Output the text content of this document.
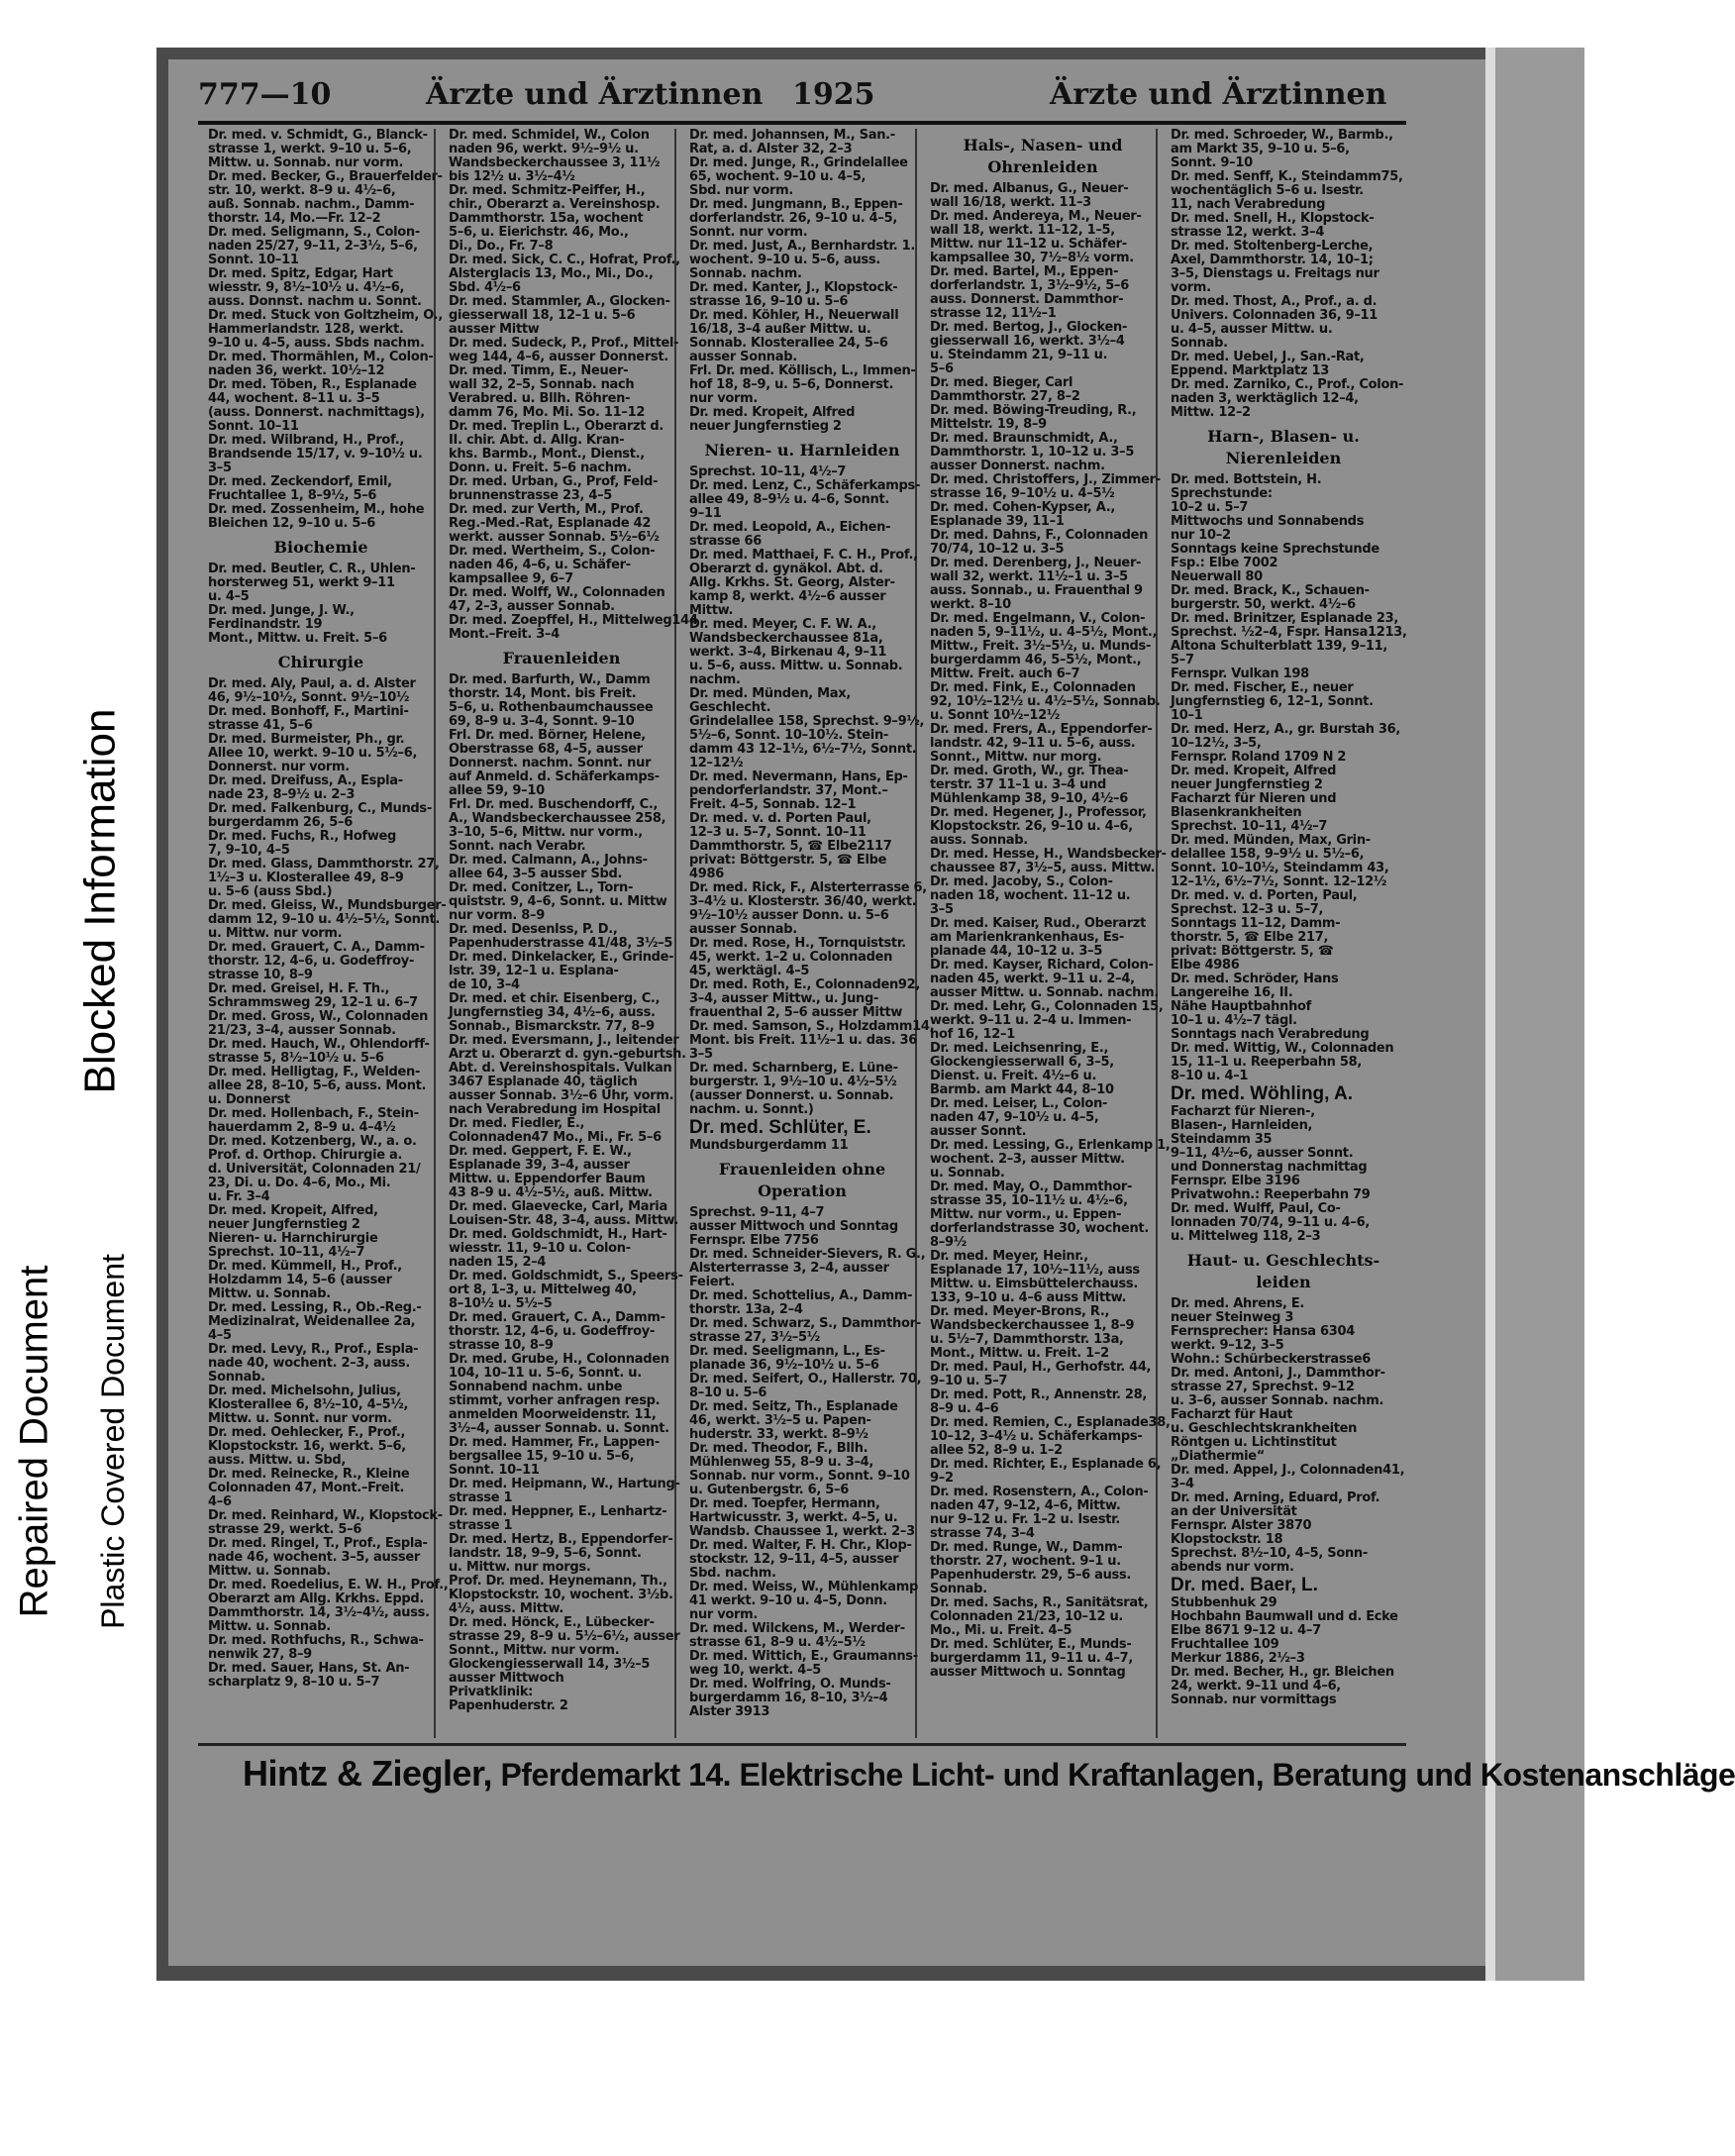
777—10	Ärzte und Ärztinnen 1925	Ärzte und Ärztinnen
Dr. med. v. Schmidt, G., Blanck-
strasse 1, werkt. 9–10 u. 5–6,
Mittw. u. Sonnab. nur vorm.
Dr. med. Becker, G., Brauerfelder-
str. 10, werkt. 8–9 u. 4½–6,
auß. Sonnab. nachm., Damm-
thorstr. 14, Mo.—Fr. 12–2
Dr. med. Seligmann, S., Colon-
naden 25/27, 9–11, 2–3½, 5–6,
Sonnt. 10–11
Dr. med. Spitz, Edgar, Hart
wiesstr. 9, 8½–10½ u. 4½–6,
auss. Donnst. nachm u. Sonnt.
Dr. med. Stuck von Goltzheim, O.,
Hammerlandstr. 128, werkt.
9–10 u. 4–5, auss. Sbds nachm.
Dr. med. Thormählen, M., Colon-
naden 36, werkt. 10½–12
Dr. med. Töben, R., Esplanade
44, wochent. 8–11 u. 3–5
(auss. Donnerst. nachmittags),
Sonnt. 10–11
Dr. med. Wilbrand, H., Prof.,
Brandsende 15/17, v. 9–10½ u.
3–5
Dr. med. Zeckendorf, Emil,
Fruchtallee 1, 8–9½, 5–6
Dr. med. Zossenheim, M., hohe
Bleichen 12, 9–10 u. 5–6
Biochemie
Dr. med. Beutler, C. R., Uhlen-
horsterweg 51, werkt 9–11
u. 4–5
Dr. med. Junge, J. W.,
Ferdinandstr. 19
Mont., Mittw. u. Freit. 5–6
Chirurgie
Dr. med. Aly, Paul, a. d. Alster
46, 9½–10½, Sonnt. 9½–10½
Dr. med. Bonhoff, F., Martini-
strasse 41, 5–6
Dr. med. Burmeister, Ph., gr.
Allee 10, werkt. 9–10 u. 5½–6,
Donnerst. nur vorm.
Dr. med. Dreifuss, A., Espla-
nade 23, 8–9½ u. 2–3
Dr. med. Falkenburg, C., Munds-
burgerdamm 26, 5–6
Dr. med. Fuchs, R., Hofweg
7, 9–10, 4–5
Dr. med. Glass, Dammthorstr. 27,
1½–3 u. Klosterallee 49, 8–9
u. 5–6 (auss Sbd.)
Dr. med. Gleiss, W., Mundsburger-
damm 12, 9–10 u. 4½–5½, Sonnt.
u. Mittw. nur vorm.
Dr. med. Grauert, C. A., Damm-
thorstr. 12, 4–6, u. Godeffroy-
strasse 10, 8–9
Dr. med. Greisel, H. F. Th.,
Schrammsweg 29, 12–1 u. 6–7
Dr. med. Gross, W., Colonnaden
21/23, 3–4, ausser Sonnab.
Dr. med. Hauch, W., Ohlendorff-
strasse 5, 8½–10½ u. 5–6
Dr. med. Helligtag, F., Welden-
allee 28, 8–10, 5–6, auss. Mont.
u. Donnerst
Dr. med. Hollenbach, F., Stein-
hauerdamm 2, 8–9 u. 4–4½
Dr. med. Kotzenberg, W., a. o.
Prof. d. Orthop. Chirurgie a.
d. Universität, Colonnaden 21/
23, Di. u. Do. 4–6, Mo., Mi.
u. Fr. 3–4
Dr. med. Kropeit, Alfred,
neuer Jungfernstieg 2
Nieren- u. Harnchirurgie
Sprechst. 10–11, 4½–7
Dr. med. Kümmell, H., Prof.,
Holzdamm 14, 5–6 (ausser
Mittw. u. Sonnab.
Dr. med. Lessing, R., Ob.-Reg.-
Medizinalrat, Weidenallee 2a,
4–5
Dr. med. Levy, R., Prof., Espla-
nade 40, wochent. 2–3, auss.
Sonnab.
Dr. med. Michelsohn, Julius,
Klosterallee 6, 8½–10, 4–5½,
Mittw. u. Sonnt. nur vorm.
Dr. med. Oehlecker, F., Prof.,
Klopstockstr. 16, werkt. 5–6,
auss. Mittw. u. Sbd,
Dr. med. Reinecke, R., Kleine
Colonnaden 47, Mont.–Freit.
4–6
Dr. med. Reinhard, W., Klopstock-
strasse 29, werkt. 5–6
Dr. med. Ringel, T., Prof., Espla-
nade 46, wochent. 3–5, ausser
Mittw. u. Sonnab.
Dr. med. Roedelius, E. W. H., Prof.,
Oberarzt am Allg. Krkhs. Eppd.
Dammthorstr. 14, 3½–4½, auss.
Mittw. u. Sonnab.
Dr. med. Rothfuchs, R., Schwa-
nenwik 27, 8–9
Dr. med. Sauer, Hans, St. An-
scharplatz 9, 8–10 u. 5–7
Dr. med. Schmidel, W., Colon
naden 96, werkt. 9½–9½ u.
Wandsbeckerchaussee 3, 11½
bis 12½ u. 3½–4½
Dr. med. Schmitz-Peiffer, H.,
chir., Oberarzt a. Vereinshosp.
Dammthorstr. 15a, wochent
5–6, u. Eierichstr. 46, Mo.,
Di., Do., Fr. 7–8
Dr. med. Sick, C. C., Hofrat, Prof.,
Alsterglacis 13, Mo., Mi., Do.,
Sbd. 4½–6
Dr. med. Stammler, A., Glocken-
giesserwall 18, 12–1 u. 5–6
ausser Mittw
Dr. med. Sudeck, P., Prof., Mittel-
weg 144, 4–6, ausser Donnerst.
Dr. med. Timm, E., Neuer-
wall 32, 2–5, Sonnab. nach
Verabred. u. Bllh. Röhren-
damm 76, Mo. Mi. So. 11–12
Dr. med. Treplin L., Oberarzt d.
II. chir. Abt. d. Allg. Kran-
khs. Barmb., Mont., Dienst.,
Donn. u. Freit. 5–6 nachm.
Dr. med. Urban, G., Prof, Feld-
brunnenstrasse 23, 4–5
Dr. med. zur Verth, M., Prof.
Reg.-Med.-Rat, Esplanade 42
werkt. ausser Sonnab. 5½–6½
Dr. med. Wertheim, S., Colon-
naden 46, 4–6, u. Schäfer-
kampsallee 9, 6–7
Dr. med. Wolff, W., Colonnaden
47, 2–3, ausser Sonnab.
Dr. med. Zoepffel, H., Mittelweg144
Mont.–Freit. 3–4
Frauenleiden
Dr. med. Barfurth, W., Damm
thorstr. 14, Mont. bis Freit.
5–6, u. Rothenbaumchaussee
69, 8–9 u. 3–4, Sonnt. 9–10
Frl. Dr. med. Börner, Helene,
Oberstrasse 68, 4–5, ausser
Donnerst. nachm. Sonnt. nur
auf Anmeld. d. Schäferkamps-
allee 59, 9–10
Frl. Dr. med. Buschendorff, C.,
A., Wandsbeckerchaussee 258,
3–10, 5–6, Mittw. nur vorm.,
Sonnt. nach Verabr.
Dr. med. Calmann, A., Johns-
allee 64, 3–5 ausser Sbd.
Dr. med. Conitzer, L., Torn-
quiststr. 9, 4–6, Sonnt. u. Mittw
nur vorm. 8–9
Dr. med. Desenlss, P. D.,
Papenhuderstrasse 41/48, 3½–5
Dr. med. Dinkelacker, E., Grinde-
lstr. 39, 12–1 u. Esplana-
de 10, 3–4
Dr. med. et chir. Eisenberg, C.,
Jungfernstieg 34, 4½–6, auss.
Sonnab., Bismarckstr. 77, 8–9
Dr. med. Eversmann, J., leitender
Arzt u. Oberarzt d. gyn.-geburtsh.
Abt. d. Vereinshospitals. Vulkan
3467 Esplanade 40, täglich
ausser Sonnab. 3½–6 Uhr, vorm.
nach Verabredung im Hospital
Dr. med. Fiedler, E.,
Colonnaden47 Mo., Mi., Fr. 5–6
Dr. med. Geppert, F. E. W.,
Esplanade 39, 3–4, ausser
Mittw. u. Eppendorfer Baum
43 8–9 u. 4½–5½, auß. Mittw.
Dr. med. Glaevecke, Carl, Maria
Louisen-Str. 48, 3–4, auss. Mittw.
Dr. med. Goldschmidt, H., Hart-
wiesstr. 11, 9–10 u. Colon-
naden 15, 2–4
Dr. med. Goldschmidt, S., Speers-
ort 8, 1–3, u. Mittelweg 40,
8–10½ u. 5½–5
Dr. med. Grauert, C. A., Damm-
thorstr. 12, 4–6, u. Godeffroy-
strasse 10, 8–9
Dr. med. Grube, H., Colonnaden
104, 10–11 u. 5–6, Sonnt. u.
Sonnabend nachm. unbe
stimmt, vorher anfragen resp.
anmelden Moorweidenstr. 11,
3½–4, ausser Sonnab. u. Sonnt.
Dr. med. Hammer, Fr., Lappen-
bergsallee 15, 9–10 u. 5–6,
Sonnt. 10–11
Dr. med. Heipmann, W., Hartung-
strasse 1
Dr. med. Heppner, E., Lenhartz-
strasse 1
Dr. med. Hertz, B., Eppendorfer-
landstr. 18, 9–9, 5–6, Sonnt.
u. Mittw. nur morgs.
Prof. Dr. med. Heynemann, Th.,
Klopstockstr. 10, wochent. 3½b.
4½, auss. Mittw.
Dr. med. Hönck, E., Lübecker-
strasse 29, 8–9 u. 5½–6½, ausser
Sonnt., Mittw. nur vorm.
Glockengiesserwall 14, 3½–5
ausser Mittwoch
Privatklinik:
Papenhuderstr. 2
Dr. med. Johannsen, M., San.-
Rat, a. d. Alster 32, 2–3
Dr. med. Junge, R., Grindelallee
65, wochent. 9–10 u. 4–5,
Sbd. nur vorm.
Dr. med. Jungmann, B., Eppen-
dorferlandstr. 26, 9–10 u. 4–5,
Sonnt. nur vorm.
Dr. med. Just, A., Bernhardstr. 1.
wochent. 9–10 u. 5–6, auss.
Sonnab. nachm.
Dr. med. Kanter, J., Klopstock-
strasse 16, 9–10 u. 5–6
Dr. med. Köhler, H., Neuerwall
16/18, 3–4 außer Mittw. u.
Sonnab. Klosterallee 24, 5–6
ausser Sonnab.
Frl. Dr. med. Köllisch, L., Immen-
hof 18, 8–9, u. 5–6, Donnerst.
nur vorm.
Dr. med. Kropeit, Alfred
neuer Jungfernstieg 2
Nieren- u. Harnleiden
Sprechst. 10–11, 4½–7
Dr. med. Lenz, C., Schäferkamps-
allee 49, 8–9½ u. 4–6, Sonnt.
9–11
Dr. med. Leopold, A., Eichen-
strasse 66
Dr. med. Matthaei, F. C. H., Prof.,
Oberarzt d. gynäkol. Abt. d.
Allg. Krkhs. St. Georg, Alster-
kamp 8, werkt. 4½–6 ausser
Mittw.
Dr. med. Meyer, C. F. W. A.,
Wandsbeckerchaussee 81a,
werkt. 3–4, Birkenau 4, 9–11
u. 5–6, auss. Mittw. u. Sonnab.
nachm.
Dr. med. Münden, Max,
Geschlecht.
Grindelallee 158, Sprechst. 9–9½,
5½–6, Sonnt. 10–10½. Stein-
damm 43 12–1½, 6½–7½, Sonnt.
12–12½
Dr. med. Nevermann, Hans, Ep-
pendorferlandstr. 37, Mont.–
Freit. 4–5, Sonnab. 12–1
Dr. med. v. d. Porten Paul,
12–3 u. 5–7, Sonnt. 10–11
Dammthorstr. 5, ☎ Elbe2117
privat: Böttgerstr. 5, ☎ Elbe
4986
Dr. med. Rick, F., Alsterterrasse 6,
3–4½ u. Klosterstr. 36/40, werkt.
9½–10½ ausser Donn. u. 5–6
ausser Sonnab.
Dr. med. Rose, H., Tornquiststr.
45, werkt. 1–2 u. Colonnaden
45, werktägl. 4–5
Dr. med. Roth, E., Colonnaden92,
3–4, ausser Mittw., u. Jung-
frauenthal 2, 5–6 ausser Mittw
Dr. med. Samson, S., Holzdamm14,
Mont. bis Freit. 11½–1 u. das. 36
3–5
Dr. med. Scharnberg, E. Lüne-
burgerstr. 1, 9½–10 u. 4½–5½
(ausser Donnerst. u. Sonnab.
nachm. u. Sonnt.)
Dr. med. Schlüter, E.
Mundsburgerdamm 11
Frauenleiden ohne Operation
Sprechst. 9–11, 4–7
ausser Mittwoch und Sonntag
Fernspr. Elbe 7756
Dr. med. Schneider-Sievers, R. G.,
Alsterterrasse 3, 2–4, ausser
Feiert.
Dr. med. Schottelius, A., Damm-
thorstr. 13a, 2–4
Dr. med. Schwarz, S., Dammthor-
strasse 27, 3½–5½
Dr. med. Seeligmann, L., Es-
planade 36, 9½–10½ u. 5–6
Dr. med. Seifert, O., Hallerstr. 70,
8–10 u. 5–6
Dr. med. Seitz, Th., Esplanade
46, werkt. 3½–5 u. Papen-
huderstr. 33, werkt. 8–9½
Dr. med. Theodor, F., Bllh.
Mühlenweg 55, 8–9 u. 3–4,
Sonnab. nur vorm., Sonnt. 9–10
u. Gutenbergstr. 6, 5–6
Dr. med. Toepfer, Hermann,
Hartwicusstr. 3, werkt. 4–5, u.
Wandsb. Chaussee 1, werkt. 2–3
Dr. med. Walter, F. H. Chr., Klop-
stockstr. 12, 9–11, 4–5, ausser
Sbd. nachm.
Dr. med. Weiss, W., Mühlenkamp
41 werkt. 9–10 u. 4–5, Donn.
nur vorm.
Dr. med. Wilckens, M., Werder-
strasse 61, 8–9 u. 4½–5½
Dr. med. Wittich, E., Graumanns-
weg 10, werkt. 4–5
Dr. med. Wolfring, O. Munds-
burgerdamm 16, 8–10, 3½–4
Alster 3913
Hals-, Nasen- und Ohrenleiden
Dr. med. Albanus, G., Neuer-
wall 16/18, werkt. 11–3
Dr. med. Andereya, M., Neuer-
wall 18, werkt. 11–12, 1–5,
Mittw. nur 11–12 u. Schäfer-
kampsallee 30, 7½–8½ vorm.
Dr. med. Bartel, M., Eppen-
dorferlandstr. 1, 3½–9½, 5–6
auss. Donnerst. Dammthor-
strasse 12, 11½–1
Dr. med. Bertog, J., Glocken-
giesserwall 16, werkt. 3½–4
u. Steindamm 21, 9–11 u.
5–6
Dr. med. Bieger, Carl
Dammthorstr. 27, 8–2
Dr. med. Böwing-Treuding, R.,
Mittelstr. 19, 8–9
Dr. med. Braunschmidt, A.,
Dammthorstr. 1, 10–12 u. 3–5
ausser Donnerst. nachm.
Dr. med. Christoffers, J., Zimmer-
strasse 16, 9–10½ u. 4–5½
Dr. med. Cohen-Kypser, A.,
Esplanade 39, 11–1
Dr. med. Dahns, F., Colonnaden
70/74, 10–12 u. 3–5
Dr. med. Derenberg, J., Neuer-
wall 32, werkt. 11½–1 u. 3–5
auss. Sonnab., u. Frauenthal 9
werkt. 8–10
Dr. med. Engelmann, V., Colon-
naden 5, 9–11½, u. 4–5½, Mont.,
Mittw., Freit. 3½–5½, u. Munds-
burgerdamm 46, 5–5½, Mont.,
Mittw. Freit. auch 6–7
Dr. med. Fink, E., Colonnaden
92, 10½–12½ u. 4½–5½, Sonnab.
u. Sonnt 10½–12½
Dr. med. Frers, A., Eppendorfer-
landstr. 42, 9–11 u. 5–6, auss.
Sonnt., Mittw. nur morg.
Dr. med. Groth, W., gr. Thea-
terstr. 37 11–1 u. 3–4 und
Mühlenkamp 38, 9–10, 4½–6
Dr. med. Hegener, J., Professor,
Klopstockstr. 26, 9–10 u. 4–6,
auss. Sonnab.
Dr. med. Hesse, H., Wandsbecker-
chaussee 87, 3½–5, auss. Mittw.
Dr. med. Jacoby, S., Colon-
naden 18, wochent. 11–12 u.
3–5
Dr. med. Kaiser, Rud., Oberarzt
am Marienkrankenhaus, Es-
planade 44, 10–12 u. 3–5
Dr. med. Kayser, Richard, Colon-
naden 45, werkt. 9–11 u. 2–4,
ausser Mittw. u. Sonnab. nachm.
Dr. med. Lehr, G., Colonnaden 15,
werkt. 9–11 u. 2–4 u. Immen-
hof 16, 12–1
Dr. med. Leichsenring, E.,
Glockengiesserwall 6, 3–5,
Dienst. u. Freit. 4½–6 u.
Barmb. am Markt 44, 8–10
Dr. med. Leiser, L., Colon-
naden 47, 9–10½ u. 4–5,
ausser Sonnt.
Dr. med. Lessing, G., Erlenkamp 1,
wochent. 2–3, ausser Mittw.
u. Sonnab.
Dr. med. May, O., Dammthor-
strasse 35, 10–11½ u. 4½–6,
Mittw. nur vorm., u. Eppen-
dorferlandstrasse 30, wochent.
8–9½
Dr. med. Meyer, Heinr.,
Esplanade 17, 10½–11½, auss
Mittw. u. Eimsbüttelerchauss.
133, 9–10 u. 4–6 auss Mittw.
Dr. med. Meyer-Brons, R.,
Wandsbeckerchaussee 1, 8–9
u. 5½–7, Dammthorstr. 13a,
Mont., Mittw. u. Freit. 1–2
Dr. med. Paul, H., Gerhofstr. 44,
9–10 u. 5–7
Dr. med. Pott, R., Annenstr. 28,
8–9 u. 4–6
Dr. med. Remien, C., Esplanade38,
10–12, 3–4½ u. Schäferkamps-
allee 52, 8–9 u. 1–2
Dr. med. Richter, E., Esplanade 6,
9–2
Dr. med. Rosenstern, A., Colon-
naden 47, 9–12, 4–6, Mittw.
nur 9–12 u. Fr. 1–2 u. Isestr.
strasse 74, 3–4
Dr. med. Runge, W., Damm-
thorstr. 27, wochent. 9–1 u.
Papenhuderstr. 29, 5–6 auss.
Sonnab.
Dr. med. Sachs, R., Sanitätsrat,
Colonnaden 21/23, 10–12 u.
Mo., Mi. u. Freit. 4–5
Dr. med. Schlüter, E., Munds-
burgerdamm 11, 9–11 u. 4–7,
ausser Mittwoch u. Sonntag
Dr. med. Schroeder, W., Barmb.,
am Markt 35, 9–10 u. 5–6,
Sonnt. 9–10
Dr. med. Senff, K., Steindamm75,
wochentäglich 5–6 u. Isestr.
11, nach Verabredung
Dr. med. Snell, H., Klopstock-
strasse 12, werkt. 3–4
Dr. med. Stoltenberg-Lerche,
Axel, Dammthorstr. 14, 10–1;
3–5, Dienstags u. Freitags nur
vorm.
Dr. med. Thost, A., Prof., a. d.
Univers. Colonnaden 36, 9–11
u. 4–5, ausser Mittw. u.
Sonnab.
Dr. med. Uebel, J., San.-Rat,
Eppend. Marktplatz 13
Dr. med. Zarniko, C., Prof., Colon-
naden 3, werktäglich 12–4,
Mittw. 12–2
Harn-, Blasen- u. Nierenleiden
Dr. med. Bottstein, H.
Sprechstunde:
10–2 u. 5–7
Mittwochs und Sonnabends
nur 10–2
Sonntags keine Sprechstunde
Fsp.: Elbe 7002
Neuerwall 80
Dr. med. Brack, K., Schauen-
burgerstr. 50, werkt. 4½–6
Dr. med. Brinitzer, Esplanade 23,
Sprechst. ½2–4, Fspr. Hansa1213,
Altona Schulterblatt 139, 9–11,
5–7
Fernspr. Vulkan 198
Dr. med. Fischer, E., neuer
Jungfernstieg 6, 12–1, Sonnt.
10–1
Dr. med. Herz, A., gr. Burstah 36,
10–12½, 3–5,
Fernspr. Roland 1709 N 2
Dr. med. Kropeit, Alfred
neuer Jungfernstieg 2
Facharzt für Nieren und
Blasenkrankheiten
Sprechst. 10–11, 4½–7
Dr. med. Münden, Max, Grin-
delallee 158, 9–9½ u. 5½–6,
Sonnt. 10–10½, Steindamm 43,
12–1½, 6½–7½, Sonnt. 12–12½
Dr. med. v. d. Porten, Paul,
Sprechst. 12–3 u. 5–7,
Sonntags 11–12, Damm-
thorstr. 5, ☎ Elbe 217,
privat: Böttgerstr. 5, ☎
Elbe 4986
Dr. med. Schröder, Hans
Langereihe 16, II.
Nähe Hauptbahnhof
10–1 u. 4½–7 tägl.
Sonntags nach Verabredung
Dr. med. Wittig, W., Colonnaden
15, 11–1 u. Reeperbahn 58,
8–10 u. 4–1
Dr. med. Wöhling, A.
Facharzt für Nieren-,
Blasen-, Harnleiden,
Steindamm 35
9–11, 4½–6, ausser Sonnt.
und Donnerstag nachmittag
Fernspr. Elbe 3196
Privatwohn.: Reeperbahn 79
Dr. med. Wulff, Paul, Co-
lonnaden 70/74, 9–11 u. 4–6,
u. Mittelweg 118, 2–3
Haut- u. Geschlechts-leiden
Dr. med. Ahrens, E.
neuer Steinweg 3
Fernsprecher: Hansa 6304
werkt. 9–12, 3–5
Wohn.: Schürbeckerstrasse6
Dr. med. Antoni, J., Dammthor-
strasse 27, Sprechst. 9–12
u. 3–6, ausser Sonnab. nachm.
Facharzt für Haut
u. Geschlechtskrankheiten
Röntgen u. Lichtinstitut
„Diathermie“
Dr. med. Appel, J., Colonnaden41,
3–4
Dr. med. Arning, Eduard, Prof.
an der Universität
Fernspr. Alster 3870
Klopstockstr. 18
Sprechst. 8½–10, 4–5, Sonn-
abends nur vorm.
Dr. med. Baer, L.
Stubbenhuk 29
Hochbahn Baumwall und d. Ecke
Elbe 8671 9–12 u. 4–7
Fruchtallee 109
Merkur 1886, 2½–3
Dr. med. Becher, H., gr. Bleichen
24, werkt. 9–11 und 4–6,
Sonnab. nur vormittags
Hintz & Ziegler, Pferdemarkt 14. Elektrische Licht- und Kraftanlagen, Beratung und Kostenanschläge
Blocked Information
Repaired Document Plastic Covered Document
